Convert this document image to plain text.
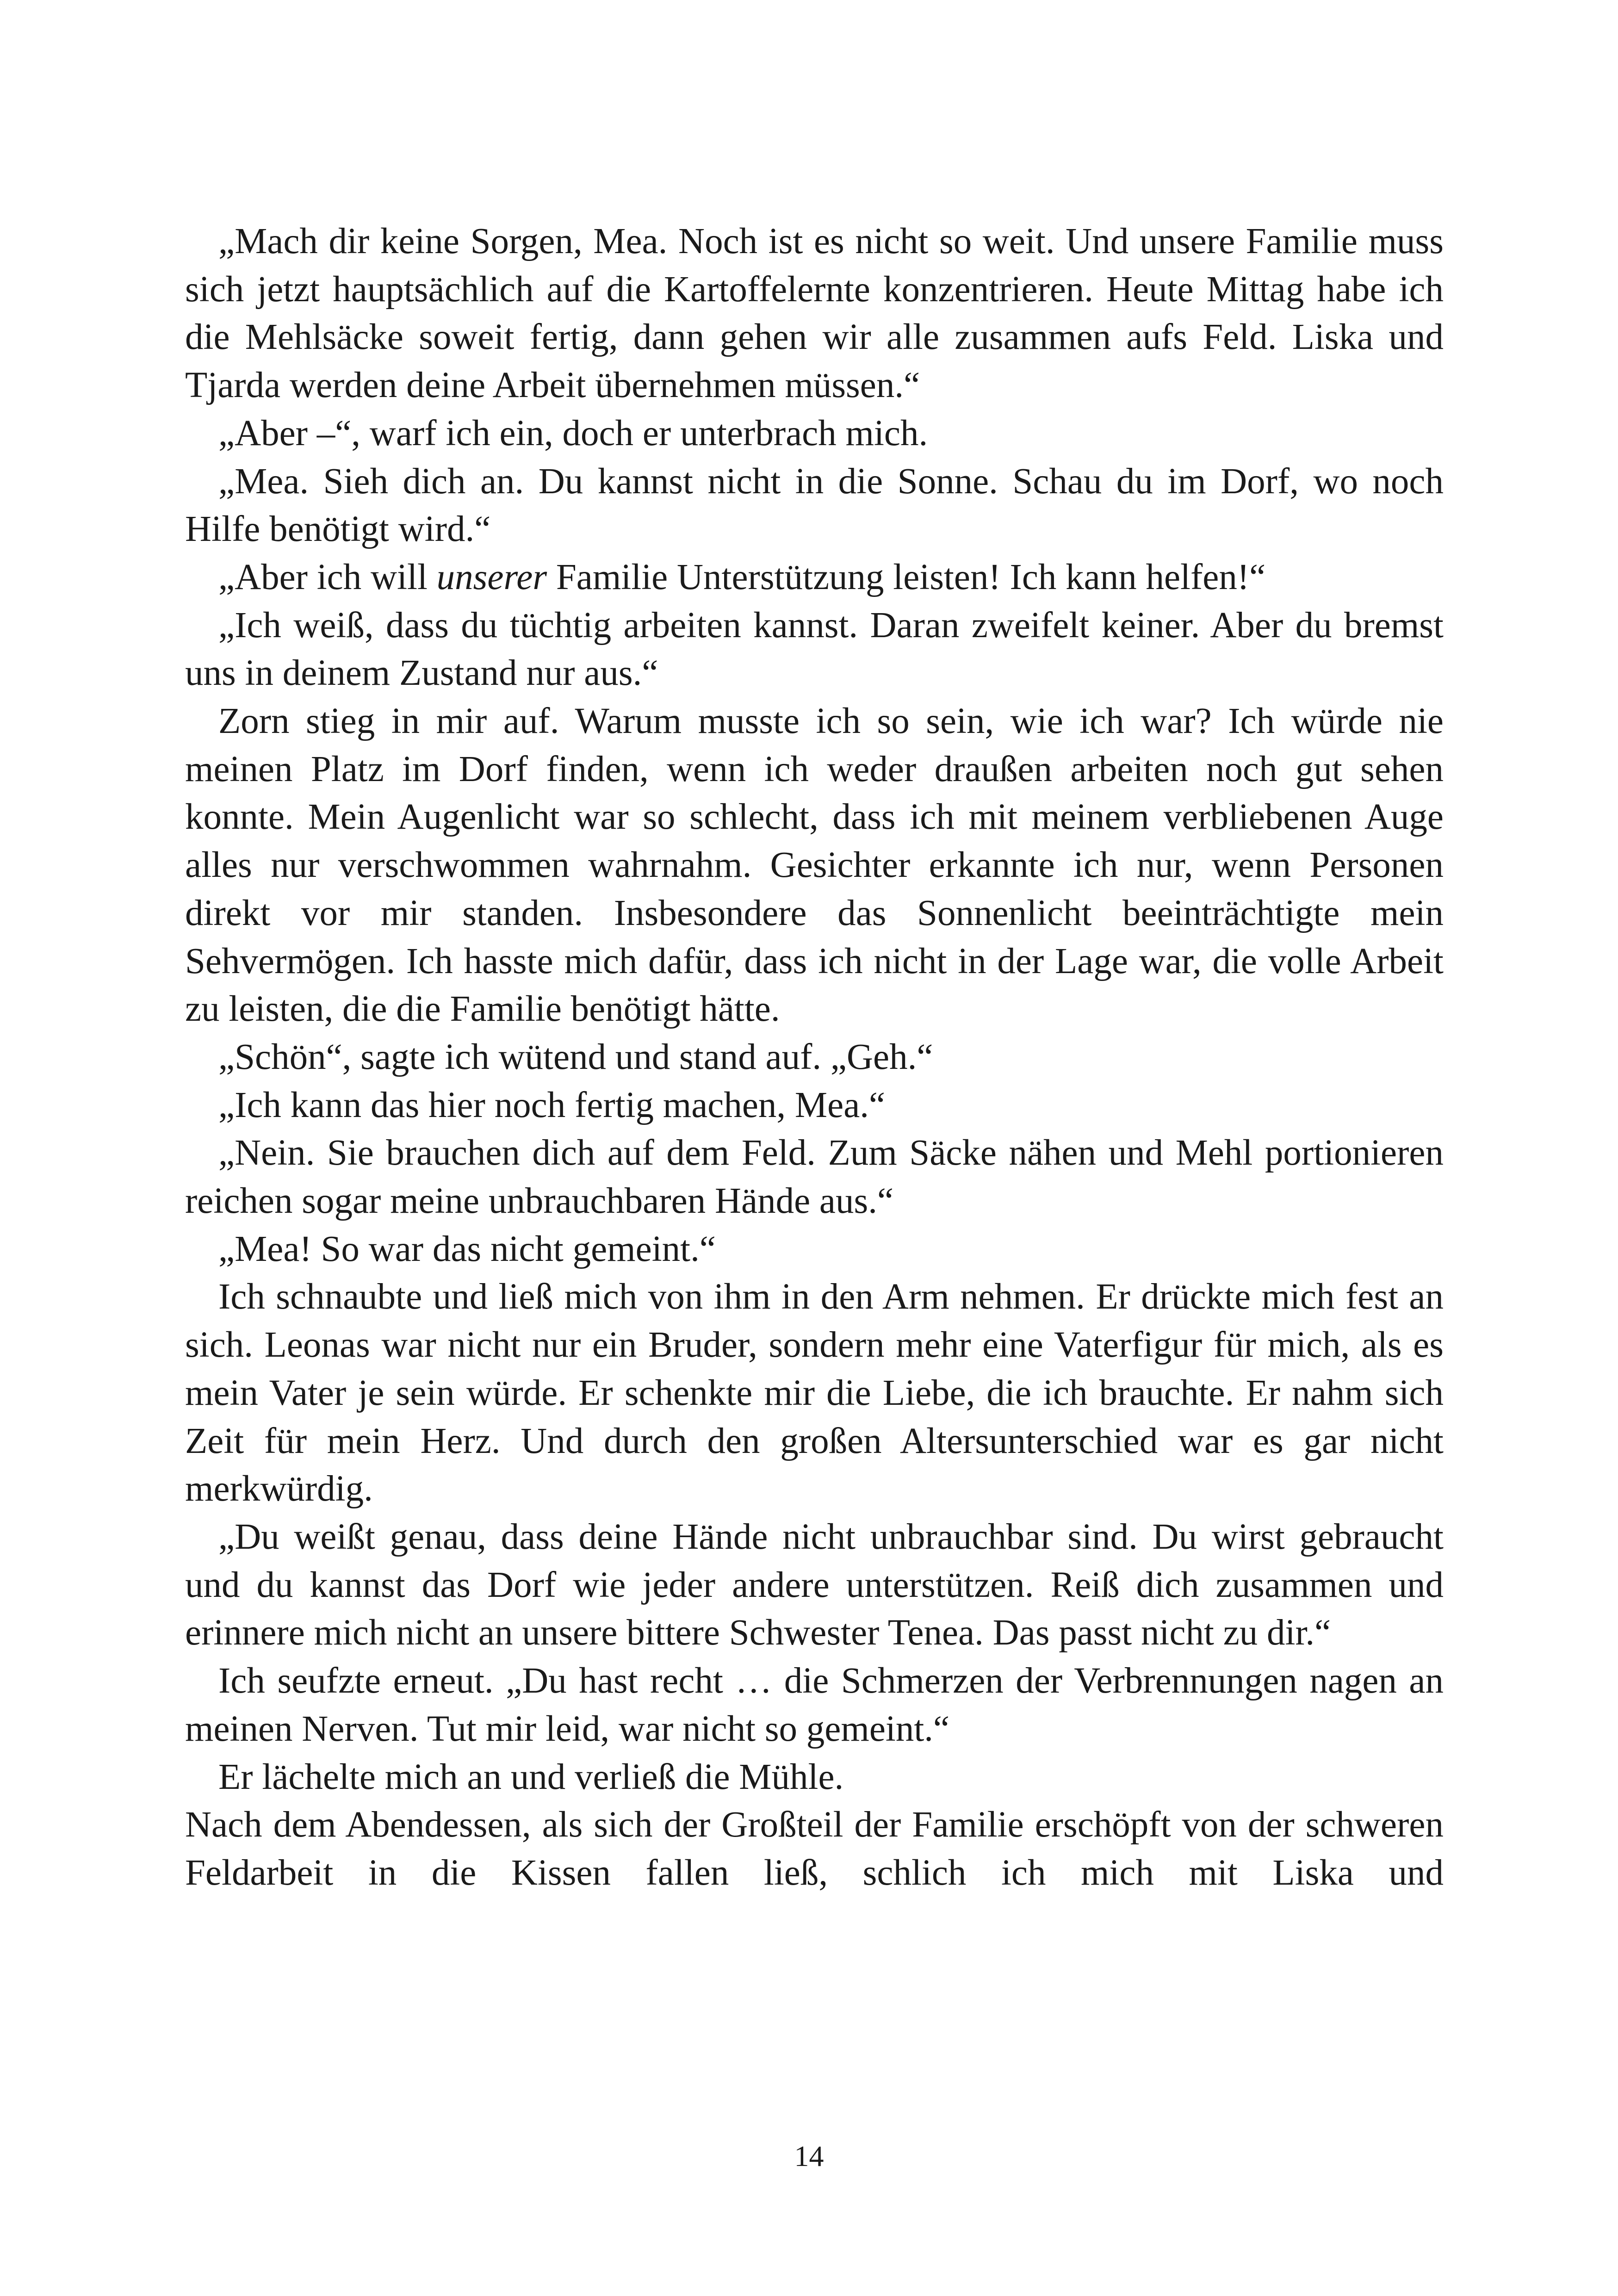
„Mach dir keine Sorgen, Mea. Noch ist es nicht so weit. Und unsere Familie muss sich jetzt hauptsächlich auf die Kartoffelernte konzentrieren. Heute Mittag habe ich die Mehlsäcke soweit fertig, dann gehen wir alle zusammen aufs Feld. Liska und Tjarda werden deine Arbeit übernehmen müssen.“

„Aber –“, warf ich ein, doch er unterbrach mich.

„Mea. Sieh dich an. Du kannst nicht in die Sonne. Schau du im Dorf, wo noch Hilfe benötigt wird.“

„Aber ich will unserer Familie Unterstützung leisten! Ich kann helfen!“

„Ich weiß, dass du tüchtig arbeiten kannst. Daran zweifelt keiner. Aber du bremst uns in deinem Zustand nur aus.“

Zorn stieg in mir auf. Warum musste ich so sein, wie ich war? Ich würde nie meinen Platz im Dorf finden, wenn ich weder draußen arbeiten noch gut sehen konnte. Mein Augenlicht war so schlecht, dass ich mit meinem verbliebenen Auge alles nur verschwommen wahrnahm. Gesichter erkannte ich nur, wenn Personen direkt vor mir standen. Insbesondere das Sonnenlicht beeinträchtigte mein Sehvermögen. Ich hasste mich dafür, dass ich nicht in der Lage war, die volle Arbeit zu leisten, die die Familie benötigt hätte.

„Schön“, sagte ich wütend und stand auf. „Geh.“

„Ich kann das hier noch fertig machen, Mea.“

„Nein. Sie brauchen dich auf dem Feld. Zum Säcke nähen und Mehl portionieren reichen sogar meine unbrauchbaren Hände aus.“

„Mea! So war das nicht gemeint.“

Ich schnaubte und ließ mich von ihm in den Arm nehmen. Er drückte mich fest an sich. Leonas war nicht nur ein Bruder, sondern mehr eine Vaterfigur für mich, als es mein Vater je sein würde. Er schenkte mir die Liebe, die ich brauchte. Er nahm sich Zeit für mein Herz. Und durch den großen Altersunterschied war es gar nicht merkwürdig.

„Du weißt genau, dass deine Hände nicht unbrauchbar sind. Du wirst gebraucht und du kannst das Dorf wie jeder andere unterstützen. Reiß dich zusammen und erinnere mich nicht an unsere bittere Schwester Tenea. Das passt nicht zu dir.“

Ich seufzte erneut. „Du hast recht … die Schmerzen der Verbrennungen nagen an meinen Nerven. Tut mir leid, war nicht so gemeint.“

Er lächelte mich an und verließ die Mühle.

Nach dem Abendessen, als sich der Großteil der Familie erschöpft von der schweren Feldarbeit in die Kissen fallen ließ, schlich ich mich mit Liska und

14
